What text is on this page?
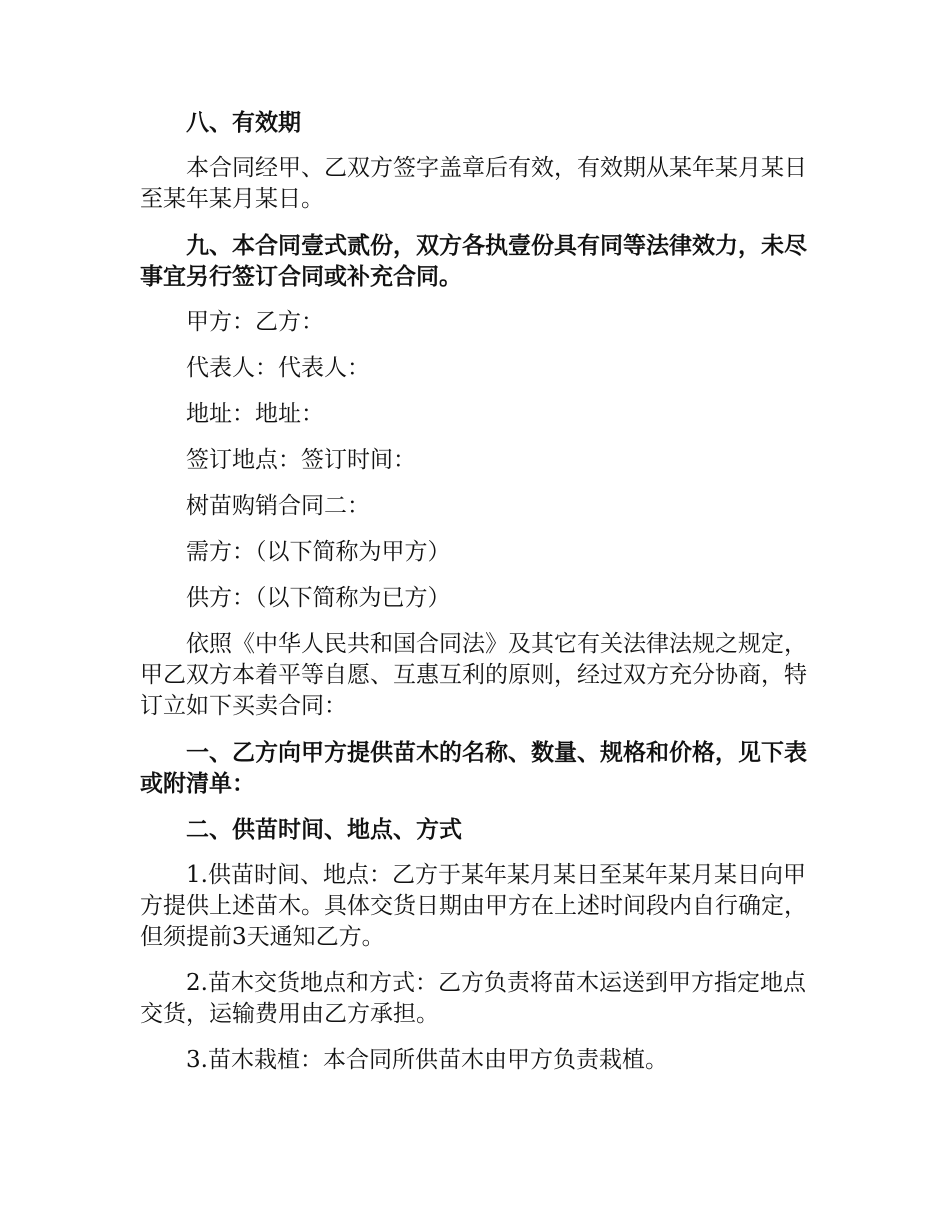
八、有效期

本合同经甲、乙双方签字盖章后有效，有效期从某年某月某日至某年某月某日。

九、本合同壹式贰份，双方各执壹份具有同等法律效力，未尽事宜另行签订合同或补充合同。

甲方：乙方：

代表人：代表人：

地址：地址：

签订地点：签订时间：

树苗购销合同二：

需方：（以下简称为甲方）

供方：（以下简称为已方）

依照《中华人民共和国合同法》及其它有关法律法规之规定，甲乙双方本着平等自愿、互惠互利的原则，经过双方充分协商，特订立如下买卖合同：

一、乙方向甲方提供苗木的名称、数量、规格和价格，见下表或附清单：

二、供苗时间、地点、方式

1.供苗时间、地点：乙方于某年某月某日至某年某月某日向甲方提供上述苗木。具体交货日期由甲方在上述时间段内自行确定，但须提前3天通知乙方。

2.苗木交货地点和方式：乙方负责将苗木运送到甲方指定地点交货，运输费用由乙方承担。

3.苗木栽植：本合同所供苗木由甲方负责栽植。
